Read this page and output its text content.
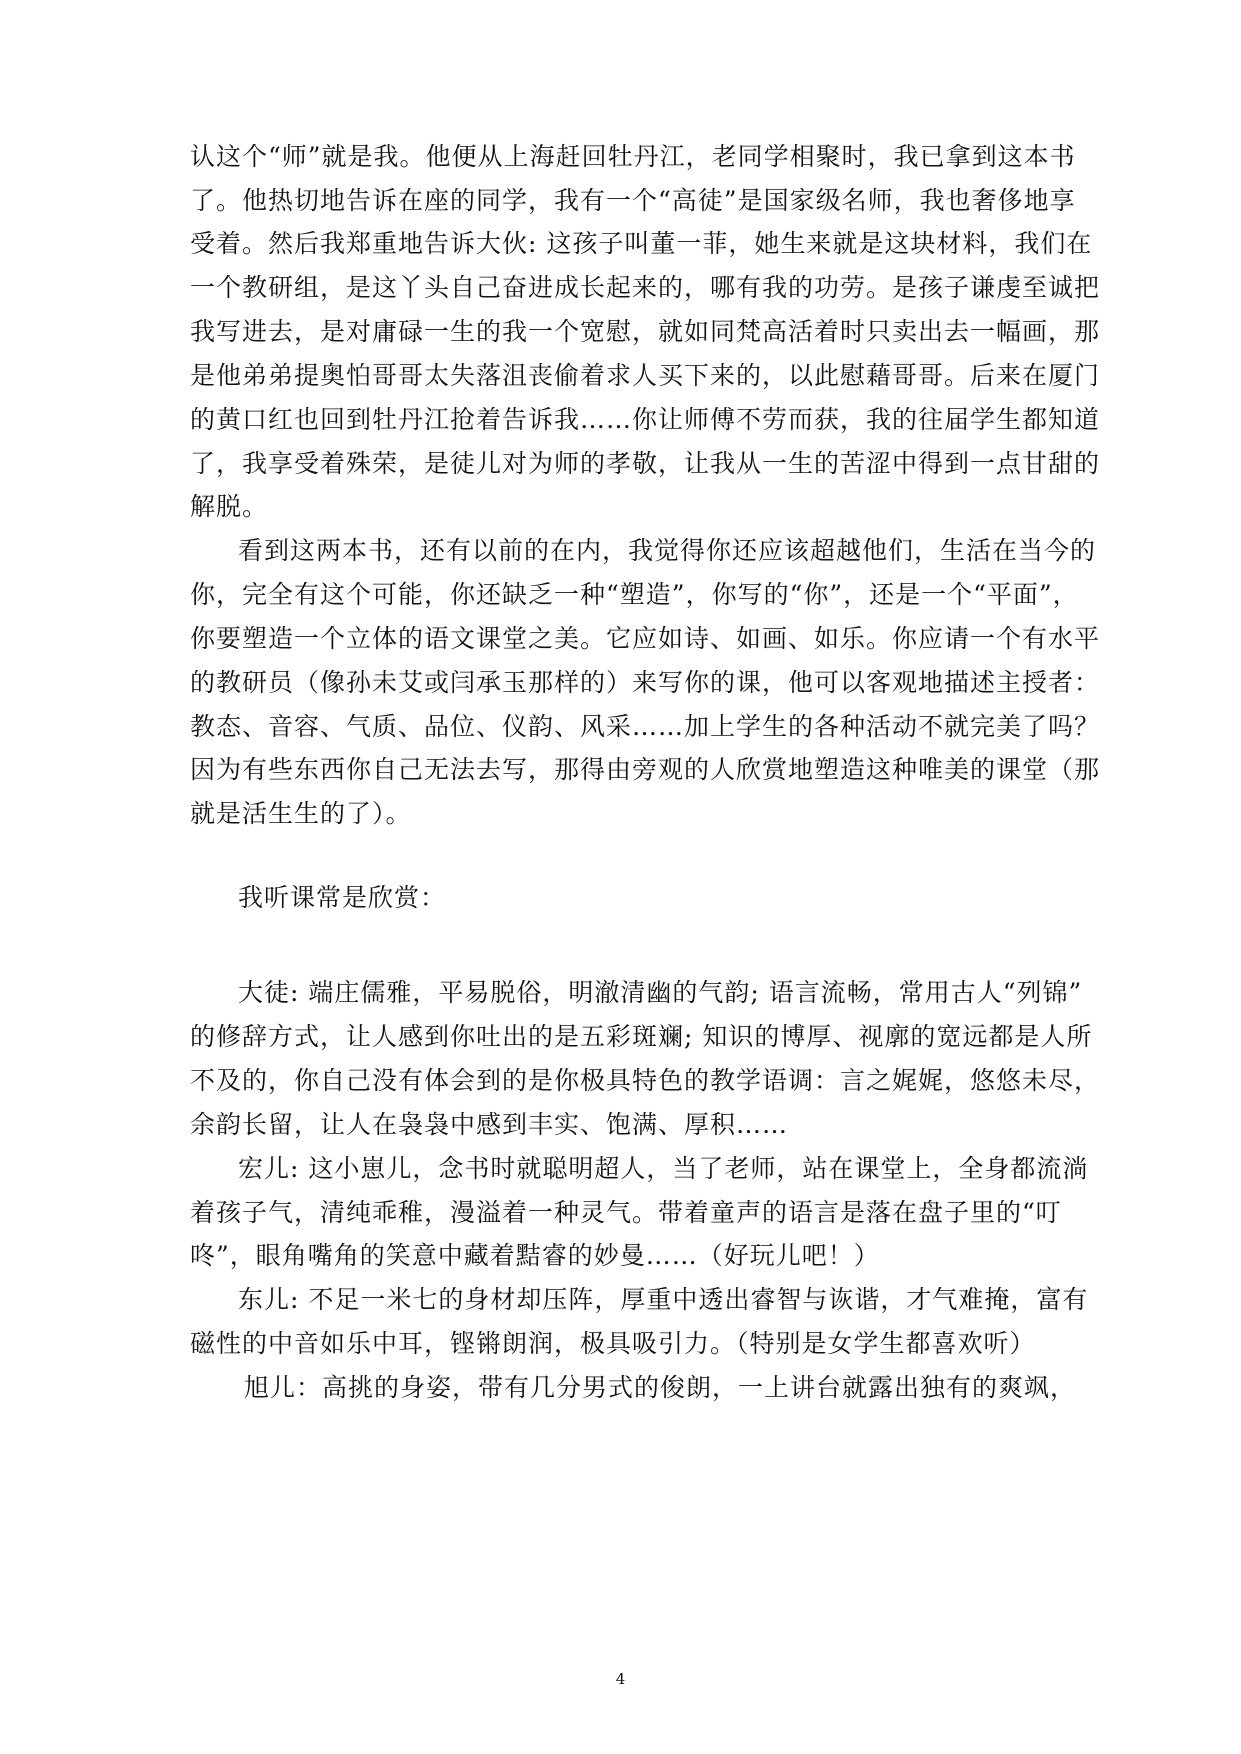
认这个“师”就是我。他便从上海赶回牡丹江，老同学相聚时，我已拿到这本书
了。他热切地告诉在座的同学，我有一个“高徒”是国家级名师，我也奢侈地享
受着。然后我郑重地告诉大伙: 这孩子叫董一菲，她生来就是这块材料，我们在
一个教研组，是这丫头自己奋进成长起来的，哪有我的功劳。是孩子谦虔至诚把
我写进去，是对庸碌一生的我一个宽慰，就如同梵高活着时只卖出去一幅画，那
是他弟弟提奥怕哥哥太失落沮丧偷着求人买下来的，以此慰藉哥哥。后来在厦门
的黄口红也回到牡丹江抢着告诉我……你让师傅不劳而获，我的往届学生都知道
了，我享受着殊荣，是徒儿对为师的孝敬，让我从一生的苦涩中得到一点甘甜的
解脱。
看到这两本书，还有以前的在内，我觉得你还应该超越他们，生活在当今的
你，完全有这个可能，你还缺乏一种“塑造”，你写的“你”，还是一个“平面”，
你要塑造一个立体的语文课堂之美。它应如诗、如画、如乐。你应请一个有水平
的教研员（像孙未艾或闫承玉那样的）来写你的课，他可以客观地描述主授者：
教态、音容、气质、品位、仪韵、风采……加上学生的各种活动不就完美了吗？
因为有些东西你自己无法去写，那得由旁观的人欣赏地塑造这种唯美的课堂（那
就是活生生的了）。
我听课常是欣赏：
大徒: 端庄儒雅，平易脱俗，明澈清幽的气韵; 语言流畅，常用古人“列锦”
的修辞方式，让人感到你吐出的是五彩斑斓; 知识的博厚、视廓的宽远都是人所
不及的，你自己没有体会到的是你极具特色的教学语调：言之娓娓，悠悠未尽，
余韵长留，让人在袅袅中感到丰实、饱满、厚积……
宏儿: 这小崽儿，念书时就聪明超人，当了老师，站在课堂上，全身都流淌
着孩子气，清纯乖稚，漫溢着一种灵气。带着童声的语言是落在盘子里的“叮
咚”，眼角嘴角的笑意中藏着黠睿的妙曼……（好玩儿吧！）
东儿: 不足一米七的身材却压阵，厚重中透出睿智与诙谐，才气难掩，富有
磁性的中音如乐中耳，铿锵朗润，极具吸引力。（特别是女学生都喜欢听）
旭儿：高挑的身姿，带有几分男式的俊朗，一上讲台就露出独有的爽飒，
4
